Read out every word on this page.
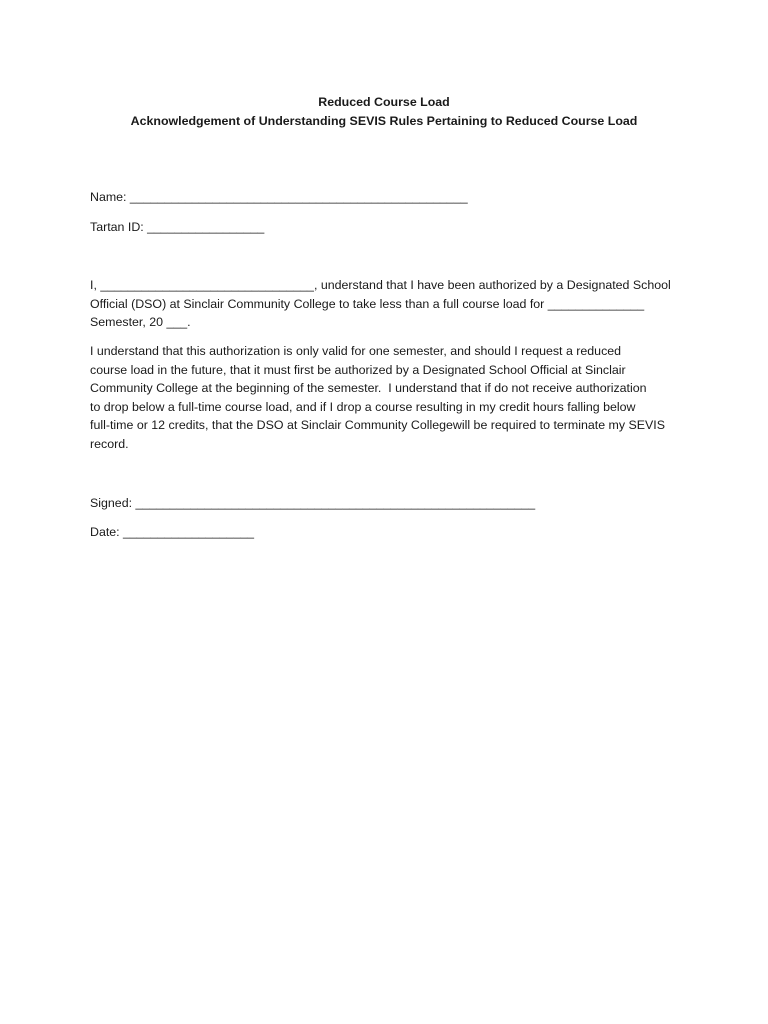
Reduced Course Load
Acknowledgement of Understanding SEVIS Rules Pertaining to Reduced Course Load
Name: _________________________________________________
Tartan ID: _________________
I, _______________________________, understand that I have been authorized by a Designated School
Official (DSO) at Sinclair Community College to take less than a full course load for ______________
Semester, 20 ___.
I understand that this authorization is only valid for one semester, and should I request a reduced
course load in the future, that it must first be authorized by a Designated School Official at Sinclair
Community College at the beginning of the semester.  I understand that if do not receive authorization
to drop below a full-time course load, and if I drop a course resulting in my credit hours falling below
full-time or 12 credits, that the DSO at Sinclair Community Collegewill be required to terminate my SEVIS
record.
Signed: __________________________________________________________
Date: ___________________
